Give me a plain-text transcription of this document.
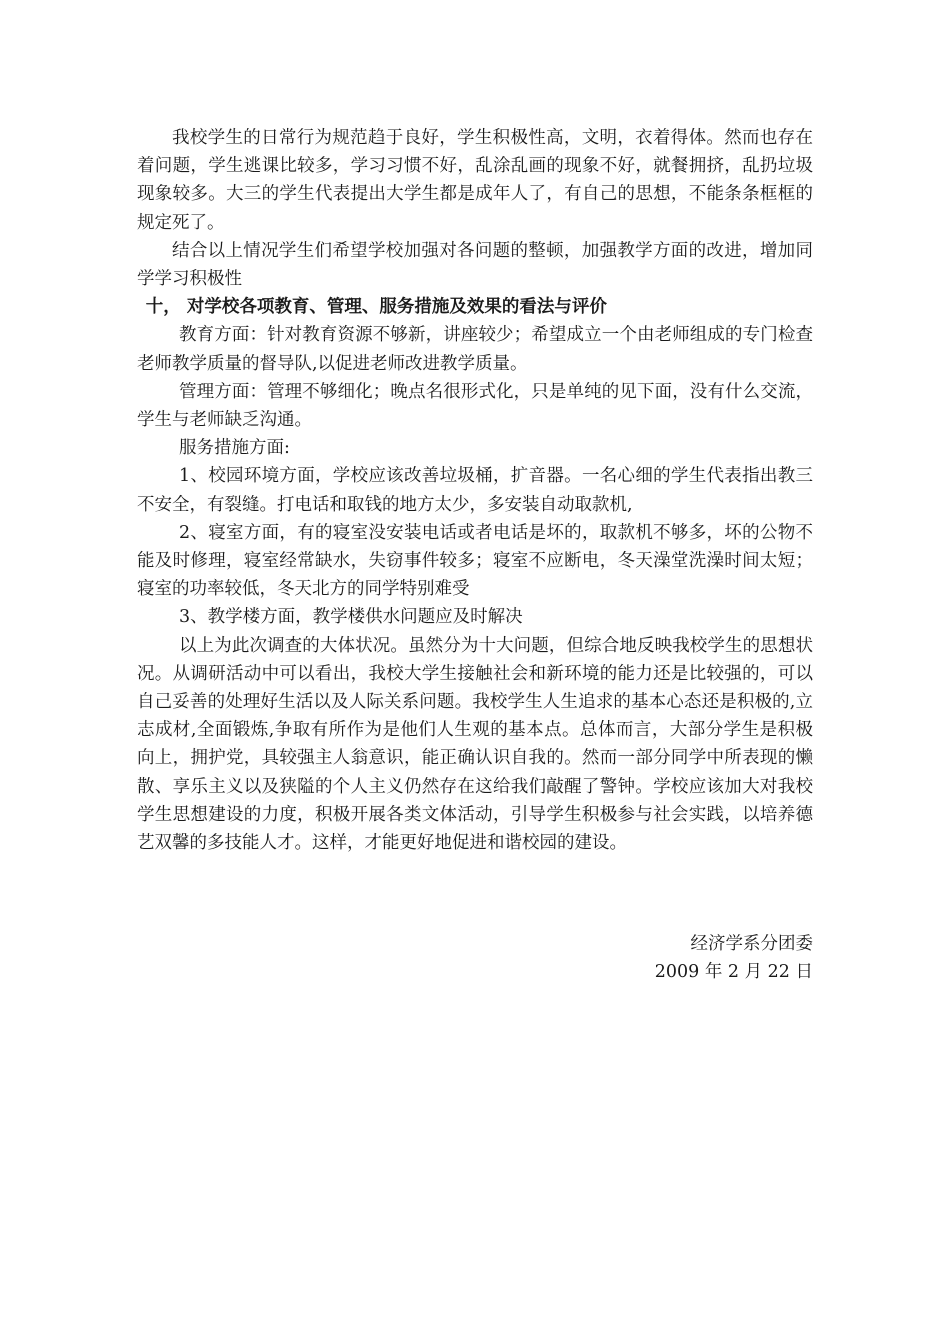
我校学生的日常行为规范趋于良好，学生积极性高，文明，衣着得体。然而也存在着问题，学生逃课比较多，学习习惯不好，乱涂乱画的现象不好，就餐拥挤，乱扔垃圾现象较多。大三的学生代表提出大学生都是成年人了，有自己的思想，不能条条框框的规定死了。

结合以上情况学生们希望学校加强对各问题的整顿，加强教学方面的改进，增加同学学习积极性

十， 对学校各项教育、管理、服务措施及效果的看法与评价

教育方面：针对教育资源不够新，讲座较少；希望成立一个由老师组成的专门检查老师教学质量的督导队,以促进老师改进教学质量。

管理方面：管理不够细化；晚点名很形式化，只是单纯的见下面，没有什么交流，学生与老师缺乏沟通。

服务措施方面:

1、校园环境方面，学校应该改善垃圾桶，扩音器。一名心细的学生代表指出教三不安全，有裂缝。打电话和取钱的地方太少，多安装自动取款机,

2、寝室方面，有的寝室没安装电话或者电话是坏的，取款机不够多，坏的公物不能及时修理，寝室经常缺水，失窃事件较多；寝室不应断电，冬天澡堂洗澡时间太短；寝室的功率较低，冬天北方的同学特别难受

3、教学楼方面，教学楼供水问题应及时解决

以上为此次调查的大体状况。虽然分为十大问题，但综合地反映我校学生的思想状况。从调研活动中可以看出，我校大学生接触社会和新环境的能力还是比较强的，可以自己妥善的处理好生活以及人际关系问题。我校学生人生追求的基本心态还是积极的,立志成材,全面锻炼,争取有所作为是他们人生观的基本点。总体而言，大部分学生是积极向上，拥护党，具较强主人翁意识，能正确认识自我的。然而一部分同学中所表现的懒散、享乐主义以及狭隘的个人主义仍然存在这给我们敲醒了警钟。学校应该加大对我校学生思想建设的力度，积极开展各类文体活动，引导学生积极参与社会实践，以培养德艺双馨的多技能人才。这样，才能更好地促进和谐校园的建设。

经济学系分团委
2009 年 2 月 22 日
